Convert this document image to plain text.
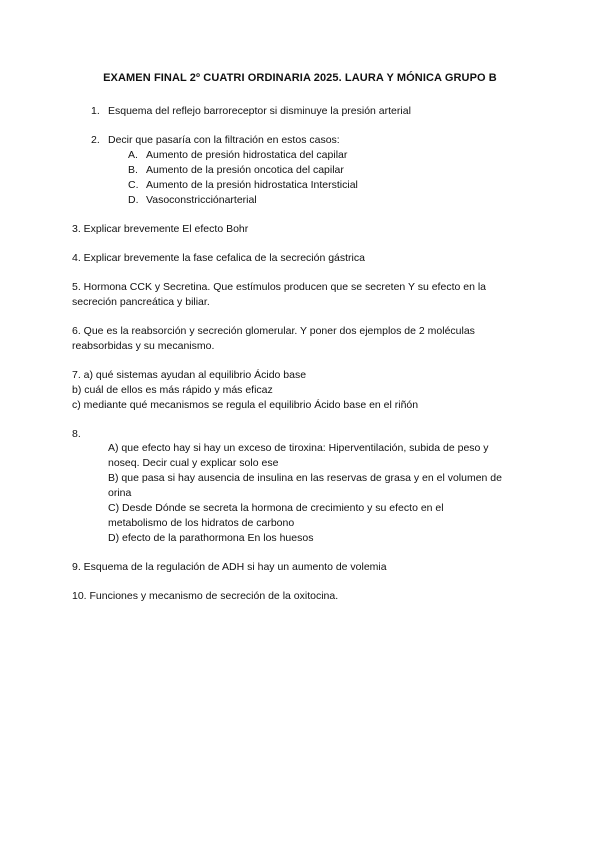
EXAMEN FINAL 2º CUATRI ORDINARIA 2025. LAURA Y MÓNICA GRUPO B
1. Esquema del reflejo barroreceptor si disminuye la presión arterial
2. Decir que pasaría con la filtración en estos casos:
A. Aumento de presión hidrostatica del capilar
B. Aumento de la presión oncotica del capilar
C. Aumento de la presión hidrostatica Intersticial
D. Vasoconstricciónarterial
3. Explicar brevemente El efecto Bohr
4. Explicar brevemente la fase cefalica de la secreción gástrica
5. Hormona CCK y Secretina. Que estímulos producen que se secreten Y su efecto en la
secreción pancreática y biliar.
6. Que es la reabsorción y secreción glomerular. Y poner dos ejemplos de 2 moléculas
reabsorbidas y su mecanismo.
7. a) qué sistemas ayudan al equilibrio Ácido base
b) cuál de ellos es más rápido y más eficaz
c) mediante qué mecanismos se regula el equilibrio Ácido base en el riñón
8.
A) que efecto hay si hay un exceso de tiroxina: Hiperventilación, subida de peso y
noseq. Decir cual y explicar solo ese
B) que pasa si hay ausencia de insulina en las reservas de grasa y en el volumen de
orina
C) Desde Dónde se secreta la hormona de crecimiento y su efecto en el
metabolismo de los hidratos de carbono
D) efecto de la parathormona En los huesos
9. Esquema de la regulación de ADH si hay un aumento de volemia
10. Funciones y mecanismo de secreción de la oxitocina.
